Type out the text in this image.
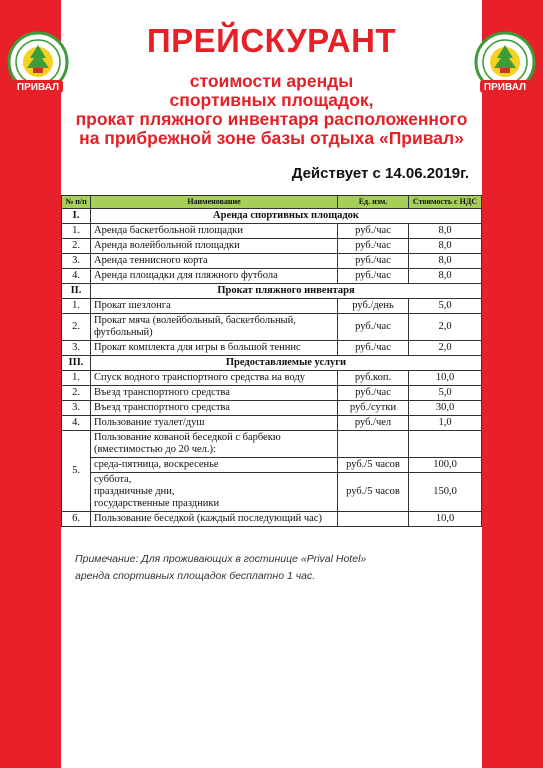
ПРИВАЛ	ПРИВАЛ
ПРЕЙСКУРАНТ
стоимости аренды
спортивных площадок,
прокат пляжного инвентаря расположенного
на прибрежной зоне базы отдыха «Привал»
Действует с 14.06.2019г.
№ п/п	Наименование	Ед. изм.	Стоимость с НДС
I.	Аренда спортивных площадок		
1.	Аренда баскетбольной площадки	руб./час	8,0
2.	Аренда волейбольной площадки	руб./час	8,0
3.	Аренда теннисного корта	руб./час	8,0
4.	Аренда площадки для пляжного футбола	руб./час	8,0
II.	Прокат пляжного инвентаря		
1.	Прокат шезлонга	руб./день	5,0
2.	Прокат мяча (волейбольный, баскетбольный, футбольный)	руб./час	2,0
3.	Прокат комплекта для игры в большой теннис	руб./час	2,0
III.	Предоставляемые услуги		
1.	Спуск водного транспортного средства на воду	руб.коп.	10,0
2.	Въезд транспортного средства	руб./час	5,0
3.	Въезд транспортного средства	руб./сутки	30,0
4.	Пользование туалет/душ	руб./чел	1,0
5.	Пользование кованой беседкой с барбекю (вместимостью до 20 чел.):		
	среда-пятница, воскресенье	руб./5 часов	100,0

	суббота,
праздничные дни,
государственные праздники	руб./5 часов	150,0
6.	Пользование беседкой (каждый последующий час)		10,0
Примечание: Для проживающих в гостинице «Prival Hotel»
аренда спортивных площадок бесплатно 1 час.
